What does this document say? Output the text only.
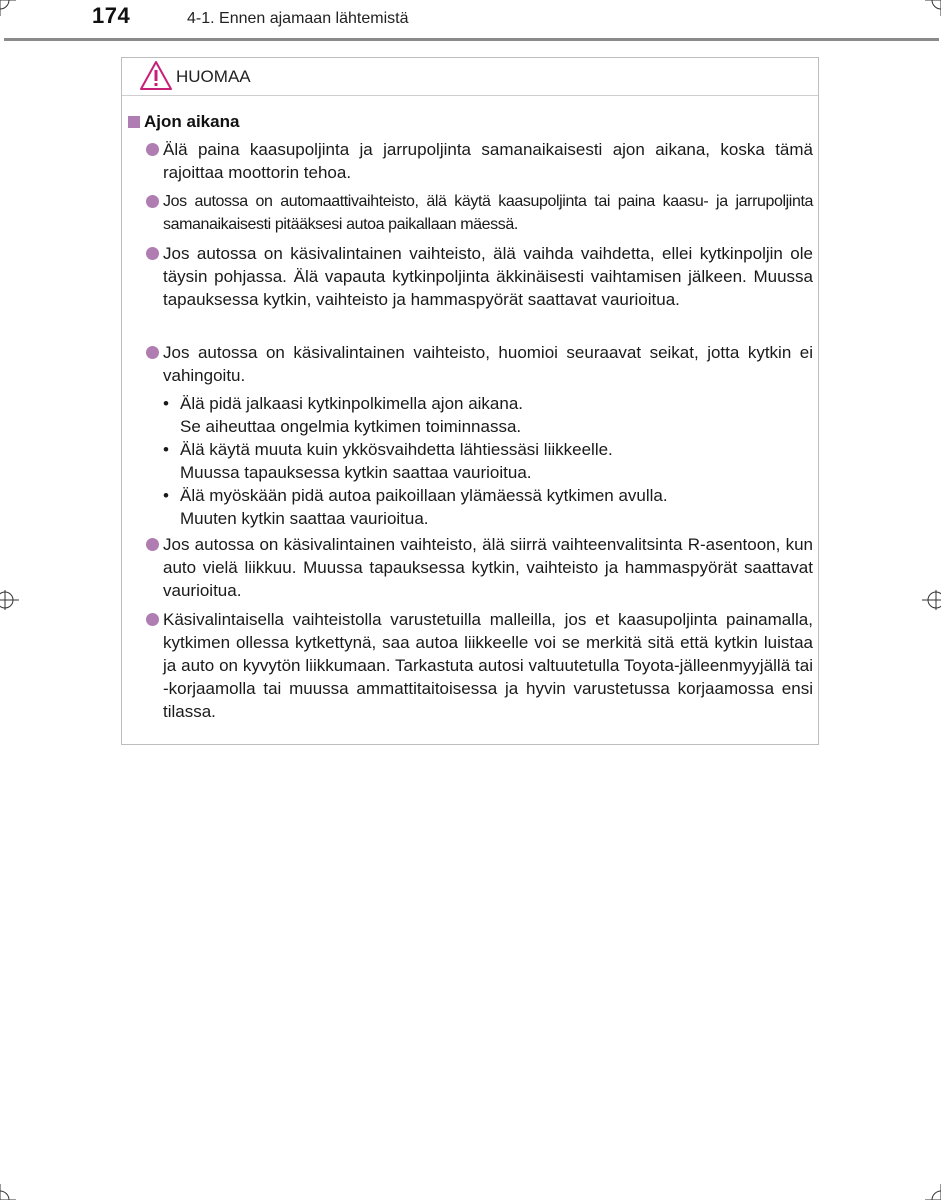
174	4-1. Ennen ajamaan lähtemistä
HUOMAA
Ajon aikana
Älä paina kaasupoljinta ja jarrupoljinta samanaikaisesti ajon aikana, koska tämä rajoittaa moottorin tehoa.
Jos autossa on automaattivaihteisto, älä käytä kaasupoljinta tai paina kaasu- ja jarrupoljinta samanaikaisesti pitääksesi autoa paikallaan mäessä.
Jos autossa on käsivalintainen vaihteisto, älä vaihda vaihdetta, ellei kytkinpoljin ole täysin pohjassa. Älä vapauta kytkinpoljinta äkkinäisesti vaihtamisen jälkeen. Muussa tapauksessa kytkin, vaihteisto ja hammaspyörät saattavat vaurioitua.
Jos autossa on käsivalintainen vaihteisto, huomioi seuraavat seikat, jotta kytkin ei vahingoitu.
• Älä pidä jalkaasi kytkinpolkimella ajon aikana.
Se aiheuttaa ongelmia kytkimen toiminnassa.
• Älä käytä muuta kuin ykkösvaihdetta lähtiessäsi liikkeelle.
Muussa tapauksessa kytkin saattaa vaurioitua.
• Älä myöskään pidä autoa paikoillaan ylämäessä kytkimen avulla.
Muuten kytkin saattaa vaurioitua.
Jos autossa on käsivalintainen vaihteisto, älä siirrä vaihteenvalitsinta R-asentoon, kun auto vielä liikkuu. Muussa tapauksessa kytkin, vaihteisto ja hammaspyörät saattavat vaurioitua.
Käsivalintaisella vaihteistolla varustetuilla malleilla, jos et kaasupoljinta painamalla, kytkimen ollessa kytkettynä, saa autoa liikkeelle voi se merkitä sitä että kytkin luistaa ja auto on kyvytön liikkumaan. Tarkastuta autosi valtuutetulla Toyota-jälleenmyyjällä tai -korjaamolla tai muussa ammattitaitoisessa ja hyvin varustetussa korjaamossa ensi tilassa.
